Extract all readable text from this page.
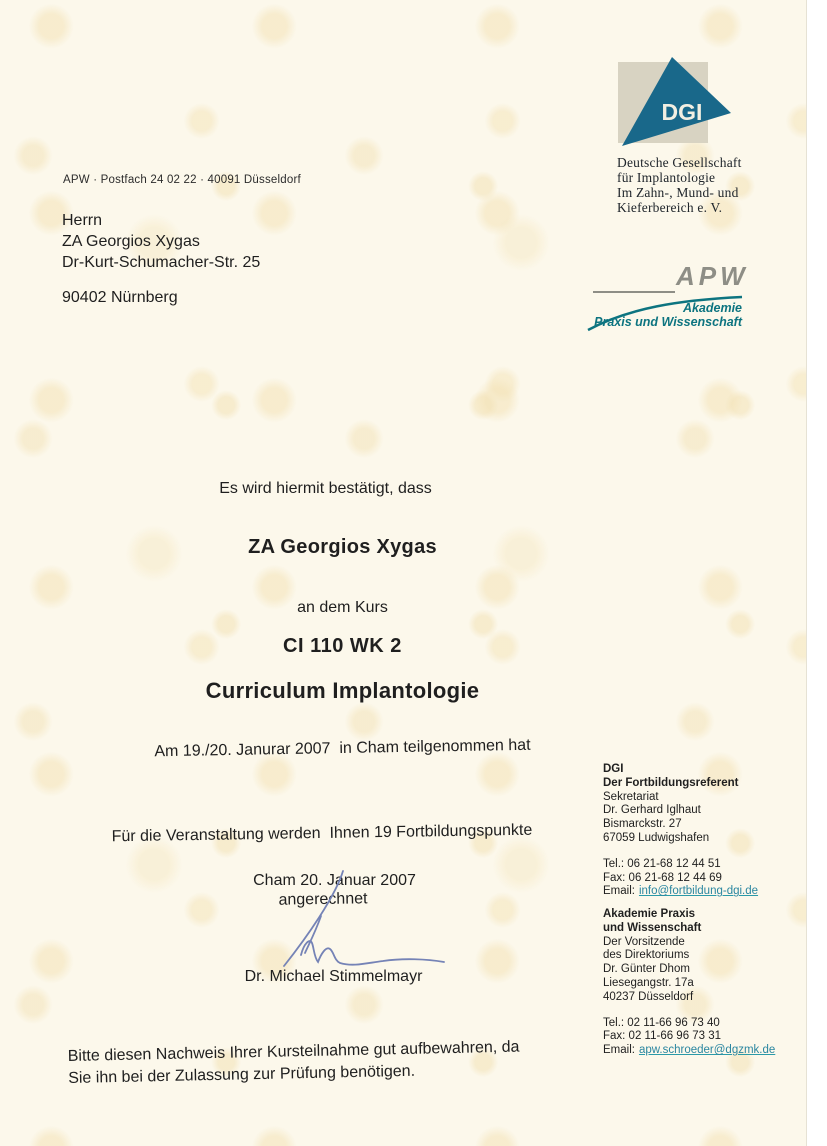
DGI
Deutsche Gesellschaft
für Implantologie
Im Zahn-, Mund- und
Kieferbereich e. V.
APW
Akademie
Praxis und Wissenschaft
APW · Postfach 24 02 22 · 40091 Düsseldorf
Herrn
ZA Georgios Xygas
Dr-Kurt-Schumacher-Str. 25
90402 Nürnberg
Es wird hiermit bestätigt, dass
ZA Georgios Xygas
an dem Kurs
CI 110 WK 2
Curriculum Implantologie
Am 19./20. Janurar 2007  in Cham teilgenommen hat

Für die Veranstaltung werden  Ihnen 19 Fortbildungspunkte

angerechnet

Cham 20. Januar 2007
Dr. Michael Stimmelmayr
DGI
Der Fortbildungsreferent
Sekretariat
Dr. Gerhard Iglhaut
Bismarckstr. 27
67059 Ludwigshafen
Tel.: 06 21-68 12 44 51
Fax: 06 21-68 12 44 69
Email: info@fortbildung-dgi.de
Akademie Praxis
und Wissenschaft
Der Vorsitzende
des Direktoriums
Dr. Günter Dhom
Liesegangstr. 17a
40237 Düsseldorf
Tel.: 02 11-66 96 73 40
Fax: 02 11-66 96 73 31
Email: apw.schroeder@dgzmk.de
Bitte diesen Nachweis Ihrer Kursteilnahme gut aufbewahren, da
Sie ihn bei der Zulassung zur Prüfung benötigen.
